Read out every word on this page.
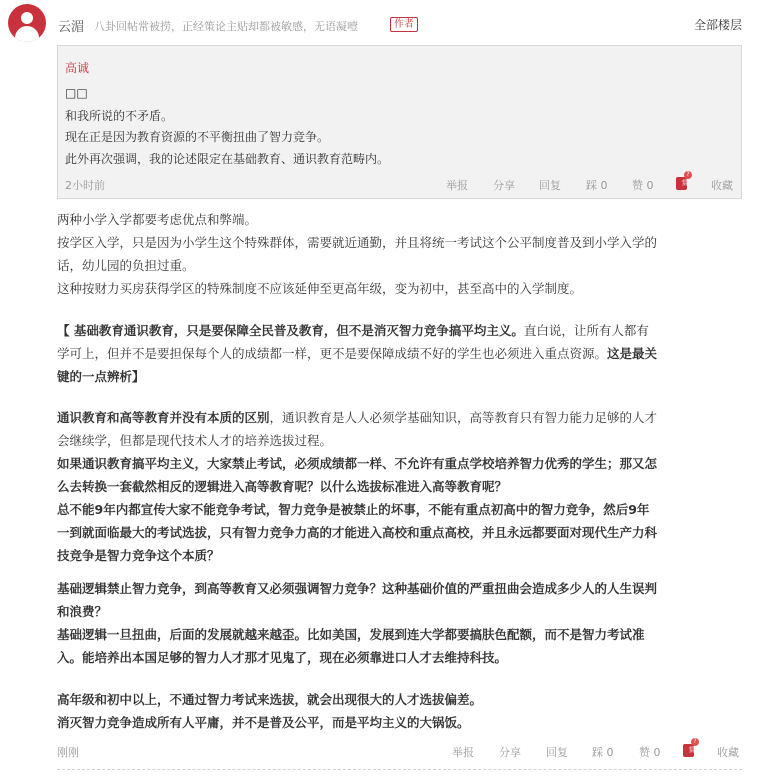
云湄 八卦回帖常被捞，正经策论主贴却都被敏感，无语凝噎	作者	全部楼层
高诚
□□
和我所说的不矛盾。
现在正是因为教育资源的不平衡扭曲了智力竞争。
此外再次强调，我的论述限定在基础教育、通识教育范畴内。
2小时前	举报 分享 回复 踩 0 赞 0	赏
?
收藏
两种小学入学都要考虑优点和弊端。
按学区入学，只是因为小学生这个特殊群体，需要就近通勤，并且将统一考试这个公平制度普及到小学入学的
话，幼儿园的负担过重。
这种按财力买房获得学区的特殊制度不应该延伸至更高年级，变为初中，甚至高中的入学制度。
【 基础教育通识教育，只是要保障全民普及教育，但不是消灭智力竞争搞平均主义。直白说，让所有人都有
学可上，但并不是要担保每个人的成绩都一样，更不是要保障成绩不好的学生也必须进入重点资源。这是最关
键的一点辨析】
通识教育和高等教育并没有本质的区别，通识教育是人人必须学基础知识，高等教育只有智力能力足够的人才
会继续学，但都是现代技术人才的培养选拔过程。
如果通识教育搞平均主义，大家禁止考试，必须成绩都一样、不允许有重点学校培养智力优秀的学生；那又怎
么去转换一套截然相反的逻辑进入高等教育呢？以什么选拔标准进入高等教育呢？
总不能9年内都宣传大家不能竞争考试，智力竞争是被禁止的坏事，不能有重点初高中的智力竞争，然后9年
一到就面临最大的考试选拔，只有智力竞争力高的才能进入高校和重点高校，并且永远都要面对现代生产力科
技竞争是智力竞争这个本质？
基础逻辑禁止智力竞争，到高等教育又必须强调智力竞争？这种基础价值的严重扭曲会造成多少人的人生误判
和浪费？
基础逻辑一旦扭曲，后面的发展就越来越歪。比如美国，发展到连大学都要搞肤色配额，而不是智力考试准
入。能培养出本国足够的智力人才那才见鬼了，现在必须靠进口人才去维持科技。
高年级和初中以上，不通过智力考试来选拔，就会出现很大的人才选拔偏差。
消灭智力竞争造成所有人平庸，并不是普及公平，而是平均主义的大锅饭。
刚刚	举报 分享 回复 踩 0 赞 0	赏
?
收藏
